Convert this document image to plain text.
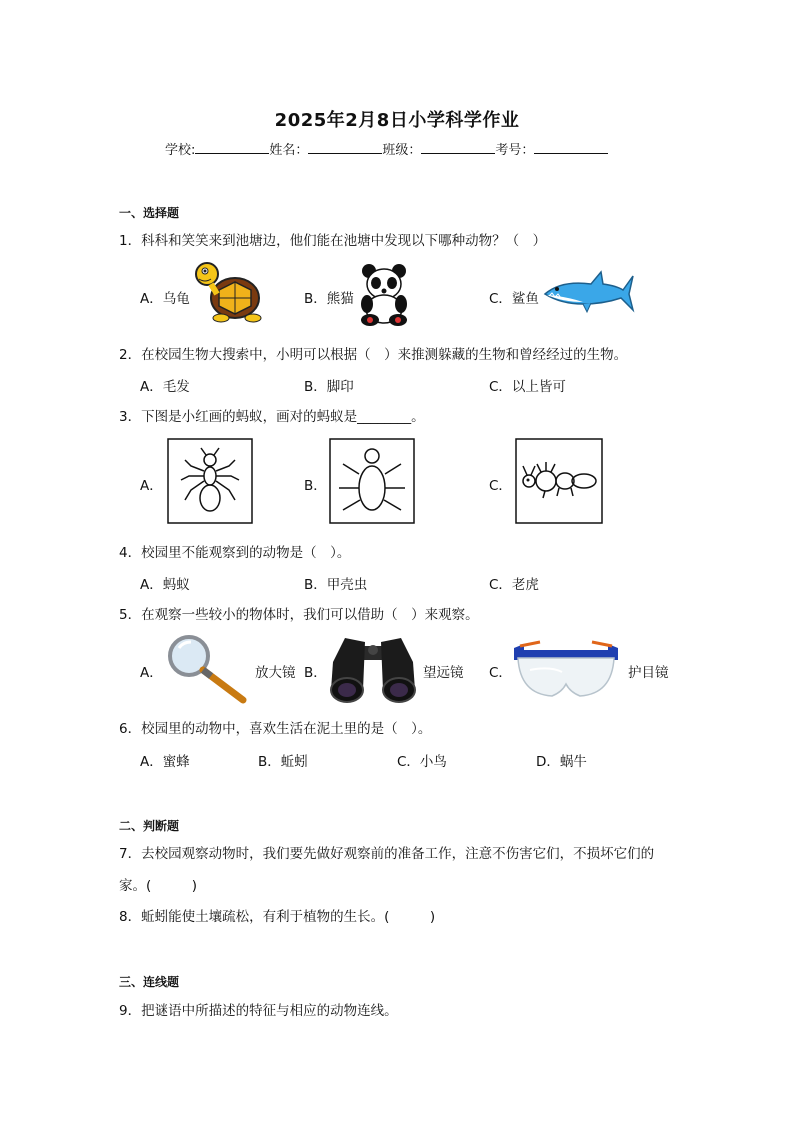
2025年2月8日小学科学作业
学校:	姓名：	班级：	考号：
一、选择题
1．科科和笑笑来到池塘边，他们能在池塘中发现以下哪种动物？（　）
A．乌龟	B．熊猫	C．鲨鱼
2．在校园生物大搜索中，小明可以根据（　）来推测躲藏的生物和曾经经过的生物。
A．毛发	B．脚印	C．以上皆可
3．下图是小红画的蚂蚁，画对的蚂蚁是________。
A．	B．	C．
4．校园里不能观察到的动物是（　）。
A．蚂蚁	B．甲壳虫	C．老虎
5．在观察一些较小的物体时，我们可以借助（　）来观察。
A．	放大镜 B．	望远镜 C．	护目镜
6．校园里的动物中，喜欢生活在泥土里的是（　）。
A．蜜蜂	B．蚯蚓	C．小鸟	D．蜗牛
二、判断题
7．去校园观察动物时，我们要先做好观察前的准备工作，注意不伤害它们，不损坏它们的
家。(　　　)
8．蚯蚓能使土壤疏松，有利于植物的生长。(　　　)
三、连线题
9．把谜语中所描述的特征与相应的动物连线。
